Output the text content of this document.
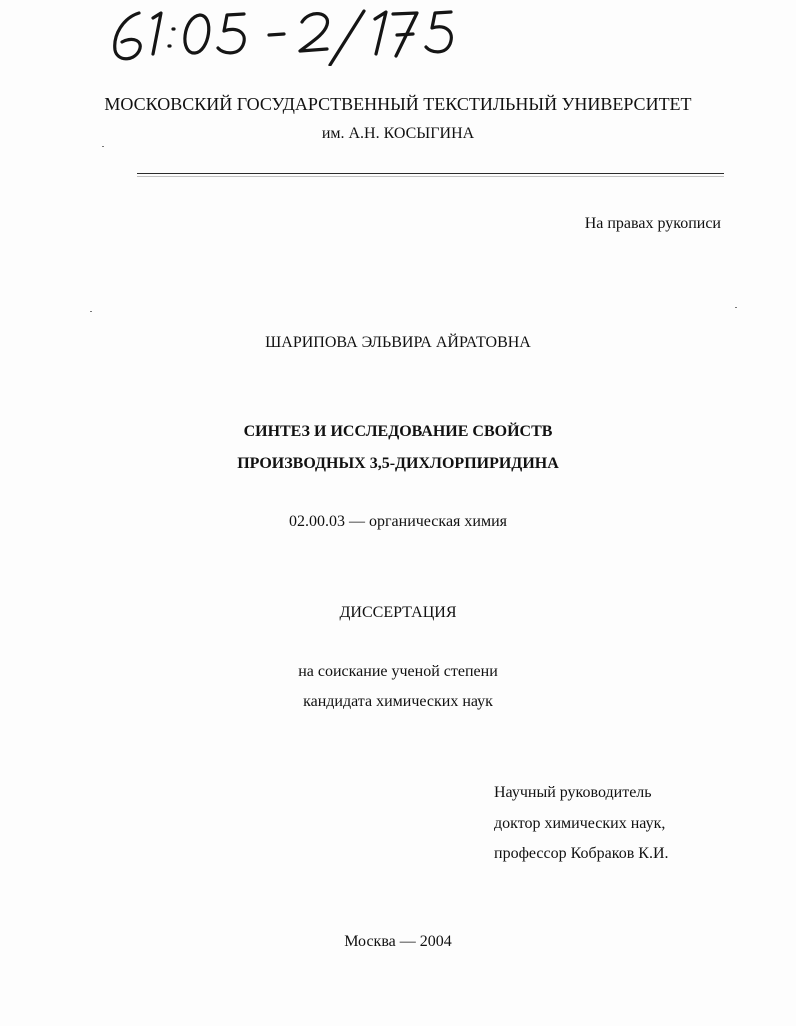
МОСКОВСКИЙ ГОСУДАРСТВЕННЫЙ ТЕКСТИЛЬНЫЙ УНИВЕРСИТЕТ
им. А.Н. КОСЫГИНА
На правах рукописи
ШАРИПОВА ЭЛЬВИРА АЙРАТОВНА
СИНТЕЗ И ИССЛЕДОВАНИЕ СВОЙСТВ
ПРОИЗВОДНЫХ 3,5-ДИХЛОРПИРИДИНА
02.00.03 — органическая химия
ДИССЕРТАЦИЯ
на соискание ученой степени
кандидата химических наук
Научный руководитель
доктор химических наук,
профессор Кобраков К.И.
Москва — 2004
